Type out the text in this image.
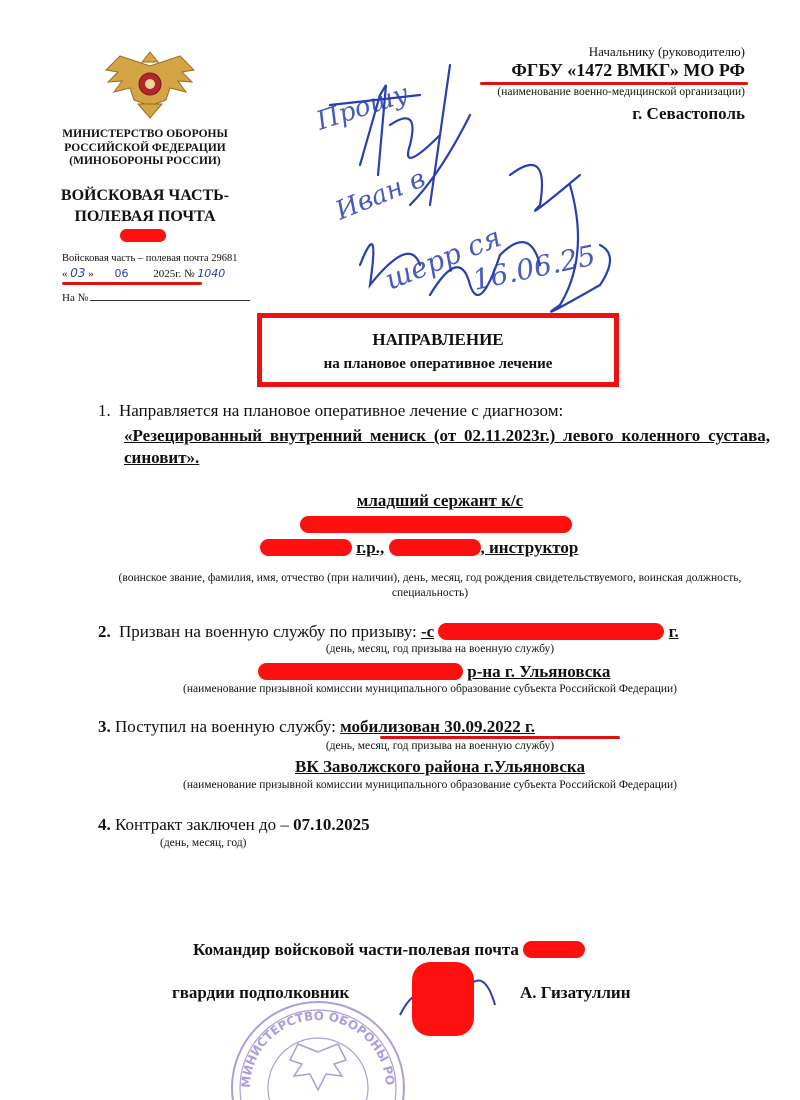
МИНИСТЕРСТВО ОБОРОНЫ
РОССИЙСКОЙ ФЕДЕРАЦИИ
(МИНОБОРОНЫ РОССИИ)
ВОЙСКОВАЯ ЧАСТЬ-
ПОЛЕВАЯ ПОЧТА
Войсковая часть – полевая почта 29681
« 03 » 06 2025г. № 1040
На №
Начальнику (руководителю)
ФГБУ «1472 ВМКГ» МО РФ
(наименование военно-медицинской организации)
г. Севастополь
Прошу
Иван в
шерр ся
16.06.25
НАПРАВЛЕНИЕ
на плановое оперативное лечение
1. Направляется на плановое оперативное лечение с диагнозом:
«Резецированный внутренний мениск (от 02.11.2023г.) левого коленного сустава, синовит».
младший сержант к/с
г.р.,	, инструктор
(воинское звание, фамилия, имя, отчество (при наличии), день, месяц, год рождения свидетельствуемого, воинская должность, специальность)
2. Призван на военную службу по призыву: -с	г.
(день, месяц, год призыва на военную службу)
р-на г. Ульяновска
(наименование призывной комиссии муниципального образование субъекта Российской Федерации)
3. Поступил на военную службу: мобилизован 30.09.2022 г.
(день, месяц, год призыва на военную службу)
ВК Заволжского района г.Ульяновска
(наименование призывной комиссии муниципального образование субъекта Российской Федерации)
4. Контракт заключен до – 07.10.2025
(день, месяц, год)
Командир войсковой части-полевая почта
гвардии подполковник	А. Гизатуллин
МИНИСТЕРСТВО ОБОРОНЫ РОССИЙСКОЙ ФЕДЕРАЦИИ • ВОЙСКОВАЯ ЧАСТЬ • ПОЛЕВАЯ ПОЧТА 29681 •
